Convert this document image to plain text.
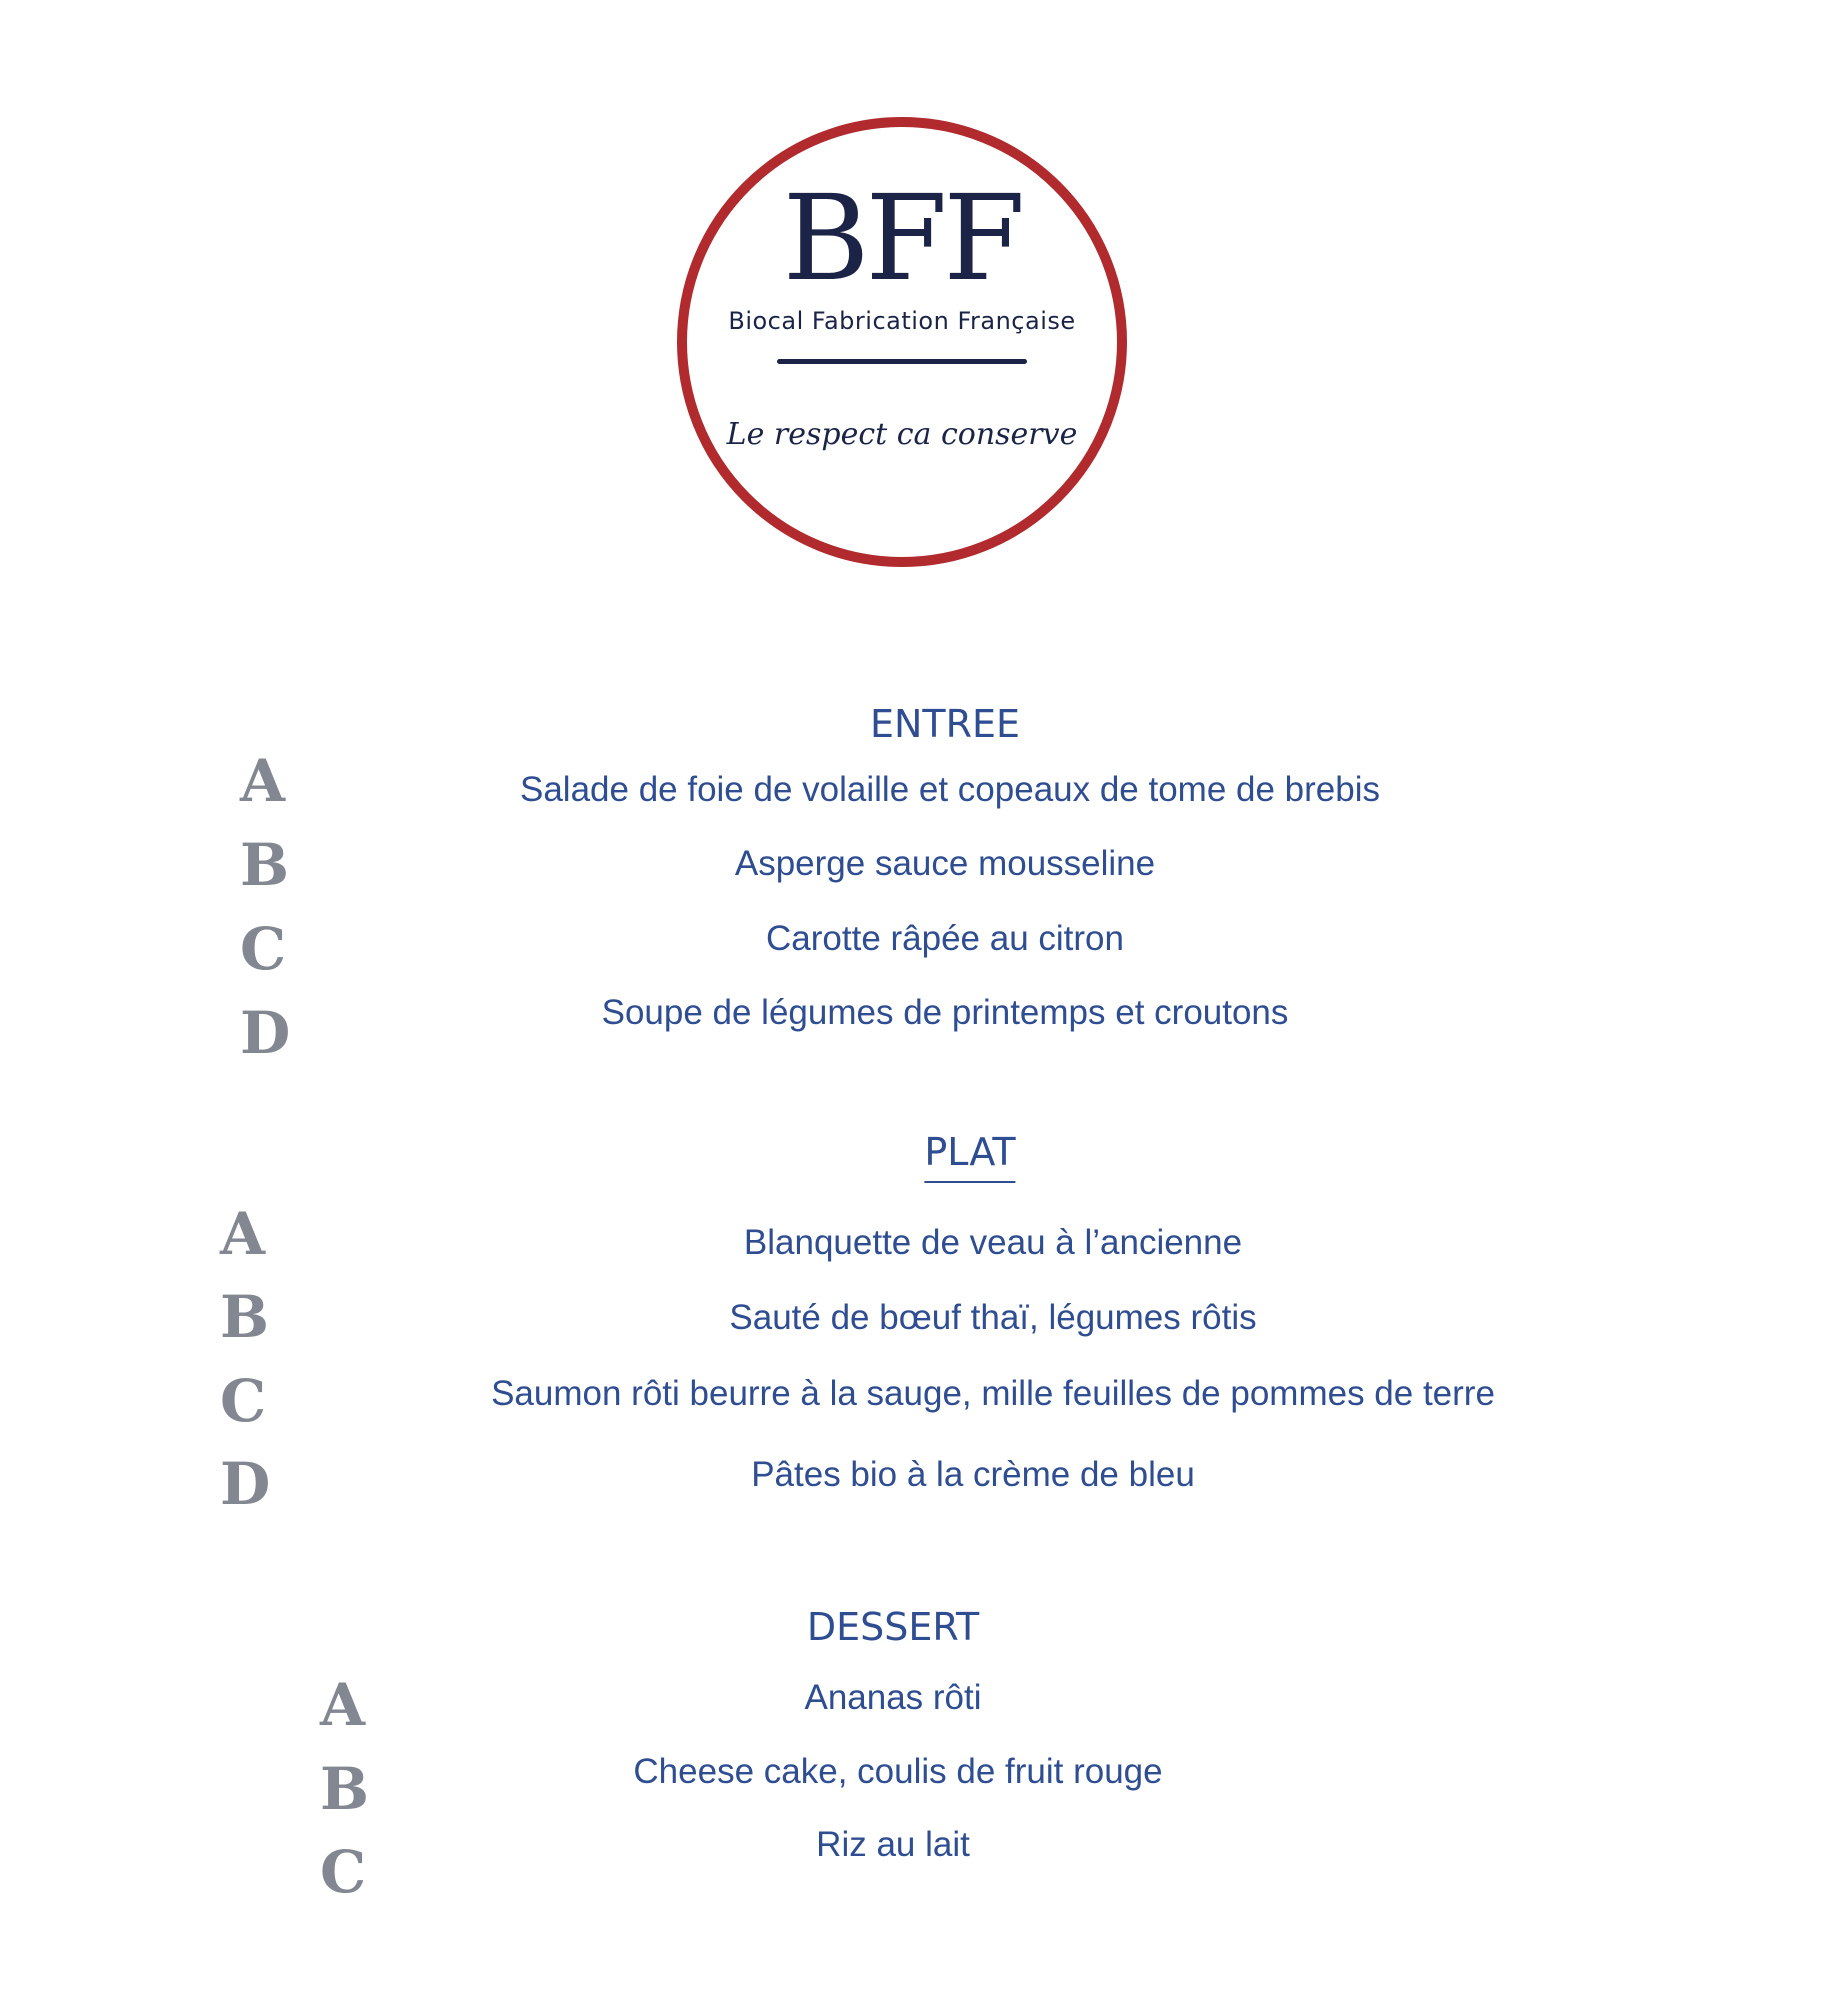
BFF
Biocal Fabrication Française
Le respect ca conserve
ENTREE
A
B
C
D
Salade de foie de volaille et copeaux de tome de brebis
Asperge sauce mousseline
Carotte râpée au citron
Soupe de légumes de printemps et croutons
PLAT
A
B
C
D
Blanquette de veau à l’ancienne
Sauté de bœuf thaï, légumes rôtis
Saumon rôti beurre à la sauge, mille feuilles de pommes de terre
Pâtes bio à la crème de bleu
DESSERT
A
B
C
Ananas rôti
Cheese cake, coulis de fruit rouge
Riz au lait
